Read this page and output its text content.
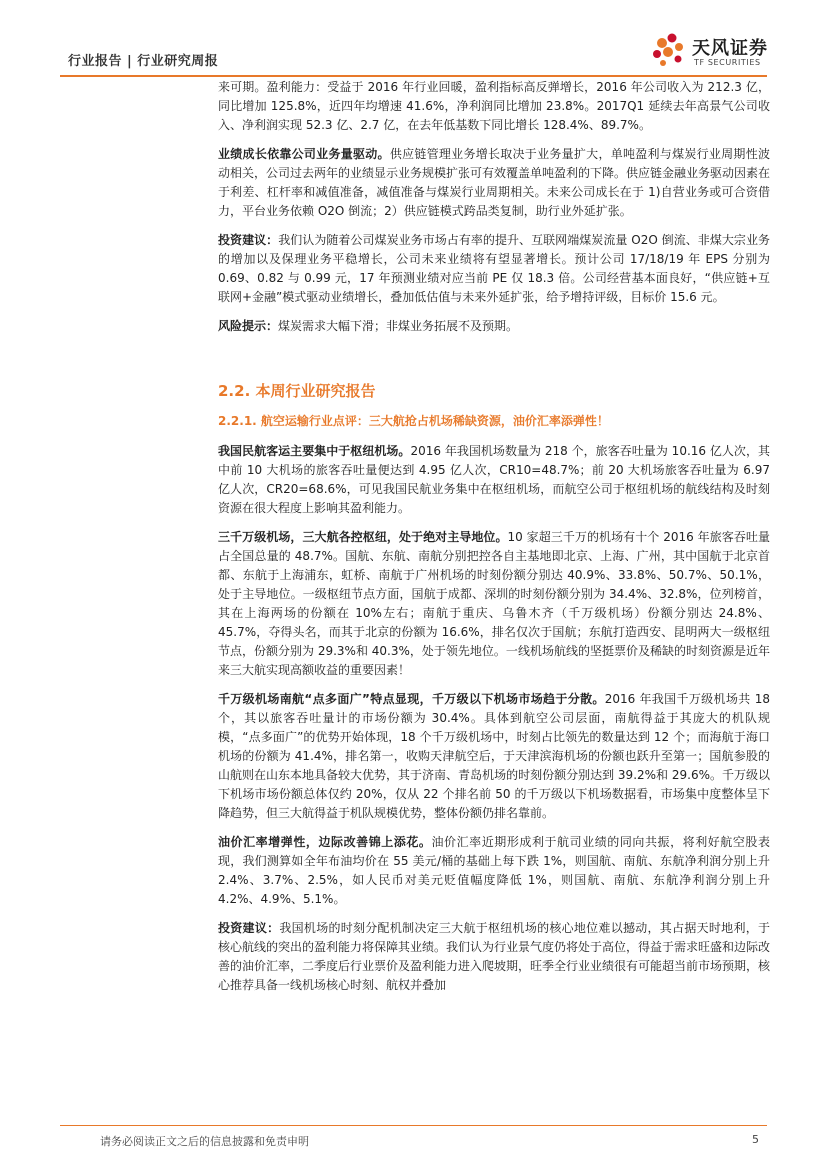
行业报告 | 行业研究周报
天风证券
TF SECURITIES

来可期。盈利能力：受益于 2016 年行业回暖，盈利指标高反弹增长，2016 年公司收入为 212.3 亿，同比增加 125.8%，近四年均增速 41.6%，净利润同比增加 23.8%。2017Q1 延续去年高景气公司收入、净利润实现 52.3 亿、2.7 亿，在去年低基数下同比增长 128.4%、89.7%。

业绩成长依靠公司业务量驱动。供应链管理业务增长取决于业务量扩大，单吨盈利与煤炭行业周期性波动相关，公司过去两年的业绩显示业务规模扩张可有效覆盖单吨盈利的下降。供应链金融业务驱动因素在于利差、杠杆率和减值准备，减值准备与煤炭行业周期相关。未来公司成长在于 1)自营业务或可合资借力，平台业务依赖 O2O 倒流；2）供应链模式跨品类复制，助行业外延扩张。

投资建议：我们认为随着公司煤炭业务市场占有率的提升、互联网端煤炭流量 O2O 倒流、非煤大宗业务的增加以及保理业务平稳增长，公司未来业绩将有望显著增长。预计公司 17/18/19 年 EPS 分别为 0.69、0.82 与 0.99 元，17 年预测业绩对应当前 PE 仅 18.3 倍。公司经营基本面良好，“供应链+互联网+金融”模式驱动业绩增长，叠加低估值与未来外延扩张，给予增持评级，目标价 15.6 元。

风险提示：煤炭需求大幅下滑；非煤业务拓展不及预期。

2.2. 本周行业研究报告
2.2.1. 航空运输行业点评：三大航抢占机场稀缺资源，油价汇率添弹性！

我国民航客运主要集中于枢纽机场。2016 年我国机场数量为 218 个，旅客吞吐量为 10.16 亿人次，其中前 10 大机场的旅客吞吐量便达到 4.95 亿人次，CR10=48.7%；前 20 大机场旅客吞吐量为 6.97 亿人次，CR20=68.6%，可见我国民航业务集中在枢纽机场，而航空公司于枢纽机场的航线结构及时刻资源在很大程度上影响其盈利能力。

三千万级机场，三大航各控枢纽，处于绝对主导地位。10 家超三千万的机场有十个 2016 年旅客吞吐量占全国总量的 48.7%。国航、东航、南航分别把控各自主基地即北京、上海、广州，其中国航于北京首都、东航于上海浦东，虹桥、南航于广州机场的时刻份额分别达 40.9%、33.8%、50.7%、50.1%，处于主导地位。一级枢纽节点方面，国航于成都、深圳的时刻份额分别为 34.4%、32.8%，位列榜首，其在上海两场的份额在 10%左右；南航于重庆、乌鲁木齐（千万级机场）份额分别达 24.8%、45.7%，夺得头名，而其于北京的份额为 16.6%，排名仅次于国航；东航打造西安、昆明两大一级枢纽节点，份额分别为 29.3%和 40.3%，处于领先地位。一线机场航线的坚挺票价及稀缺的时刻资源是近年来三大航实现高额收益的重要因素！

千万级机场南航“点多面广”特点显现，千万级以下机场市场趋于分散。2016 年我国千万级机场共 18 个，其以旅客吞吐量计的市场份额为 30.4%。具体到航空公司层面，南航得益于其庞大的机队规模，“点多面广”的优势开始体现，18 个千万级机场中，时刻占比领先的数量达到 12 个；而海航于海口机场的份额为 41.4%，排名第一，收购天津航空后，于天津滨海机场的份额也跃升至第一；国航参股的山航则在山东本地具备较大优势，其于济南、青岛机场的时刻份额分别达到 39.2%和 29.6%。千万级以下机场市场份额总体仅约 20%，仅从 22 个排名前 50 的千万级以下机场数据看，市场集中度整体呈下降趋势，但三大航得益于机队规模优势，整体份额仍排名靠前。

油价汇率增弹性，边际改善锦上添花。油价汇率近期形成利于航司业绩的同向共振，将利好航空股表现，我们测算如全年布油均价在 55 美元/桶的基础上每下跌 1%，则国航、南航、东航净利润分别上升 2.4%、3.7%、2.5%，如人民币对美元贬值幅度降低 1%，则国航、南航、东航净利润分别上升 4.2%、4.9%、5.1%。

投资建议：我国机场的时刻分配机制决定三大航于枢纽机场的核心地位难以撼动，其占据天时地利，于核心航线的突出的盈利能力将保障其业绩。我们认为行业景气度仍将处于高位，得益于需求旺盛和边际改善的油价汇率，二季度后行业票价及盈利能力进入爬坡期，旺季全行业业绩很有可能超当前市场预期，核心推荐具备一线机场核心时刻、航权并叠加

请务必阅读正文之后的信息披露和免责申明	5
